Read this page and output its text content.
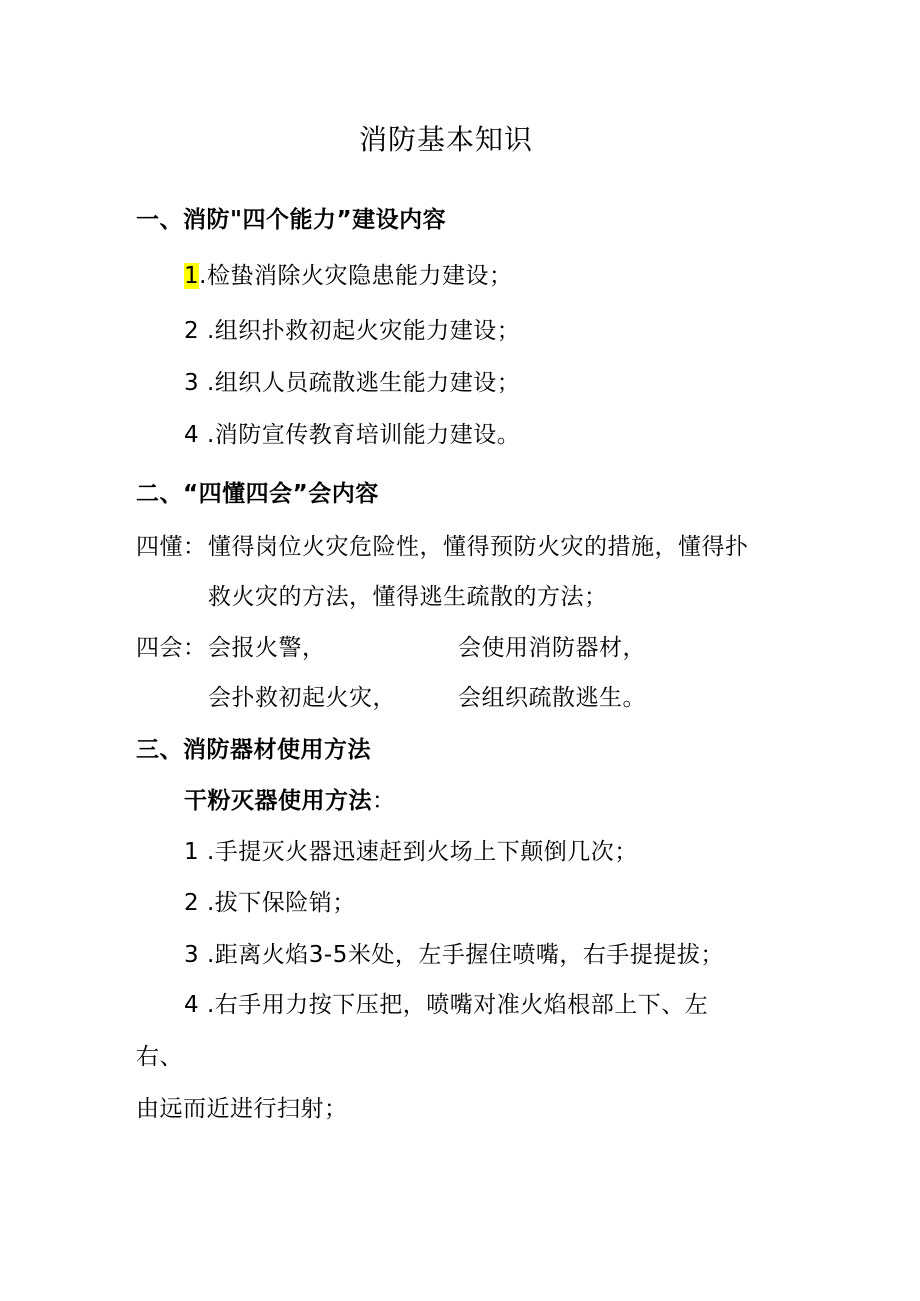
消防基本知识
一、消防"四个能力”建设内容
1.检蛰消除火灾隐患能力建设；
2 .组织扑救初起火灾能力建设；
3 .组织人员疏散逃生能力建设；
4 .消防宣传教育培训能力建设。
二、“四懂四会”会内容
四懂： 懂得岗位火灾危险性，懂得预防火灾的措施，懂得扑
救火灾的方法，懂得逃生疏散的方法；
四会： 会报火警，	会使用消防器材，
会扑救初起火灾，	会组织疏散逃生。
三、消防器材使用方法
干粉灭器使用方法：
1 .手提灭火器迅速赶到火场上下颠倒几次；
2 .拔下保险销；
3 .距离火焰3-5米处，左手握住喷嘴，右手提提拔；
4 .右手用力按下压把，喷嘴对准火焰根部上下、左
右、
由远而近进行扫射；
